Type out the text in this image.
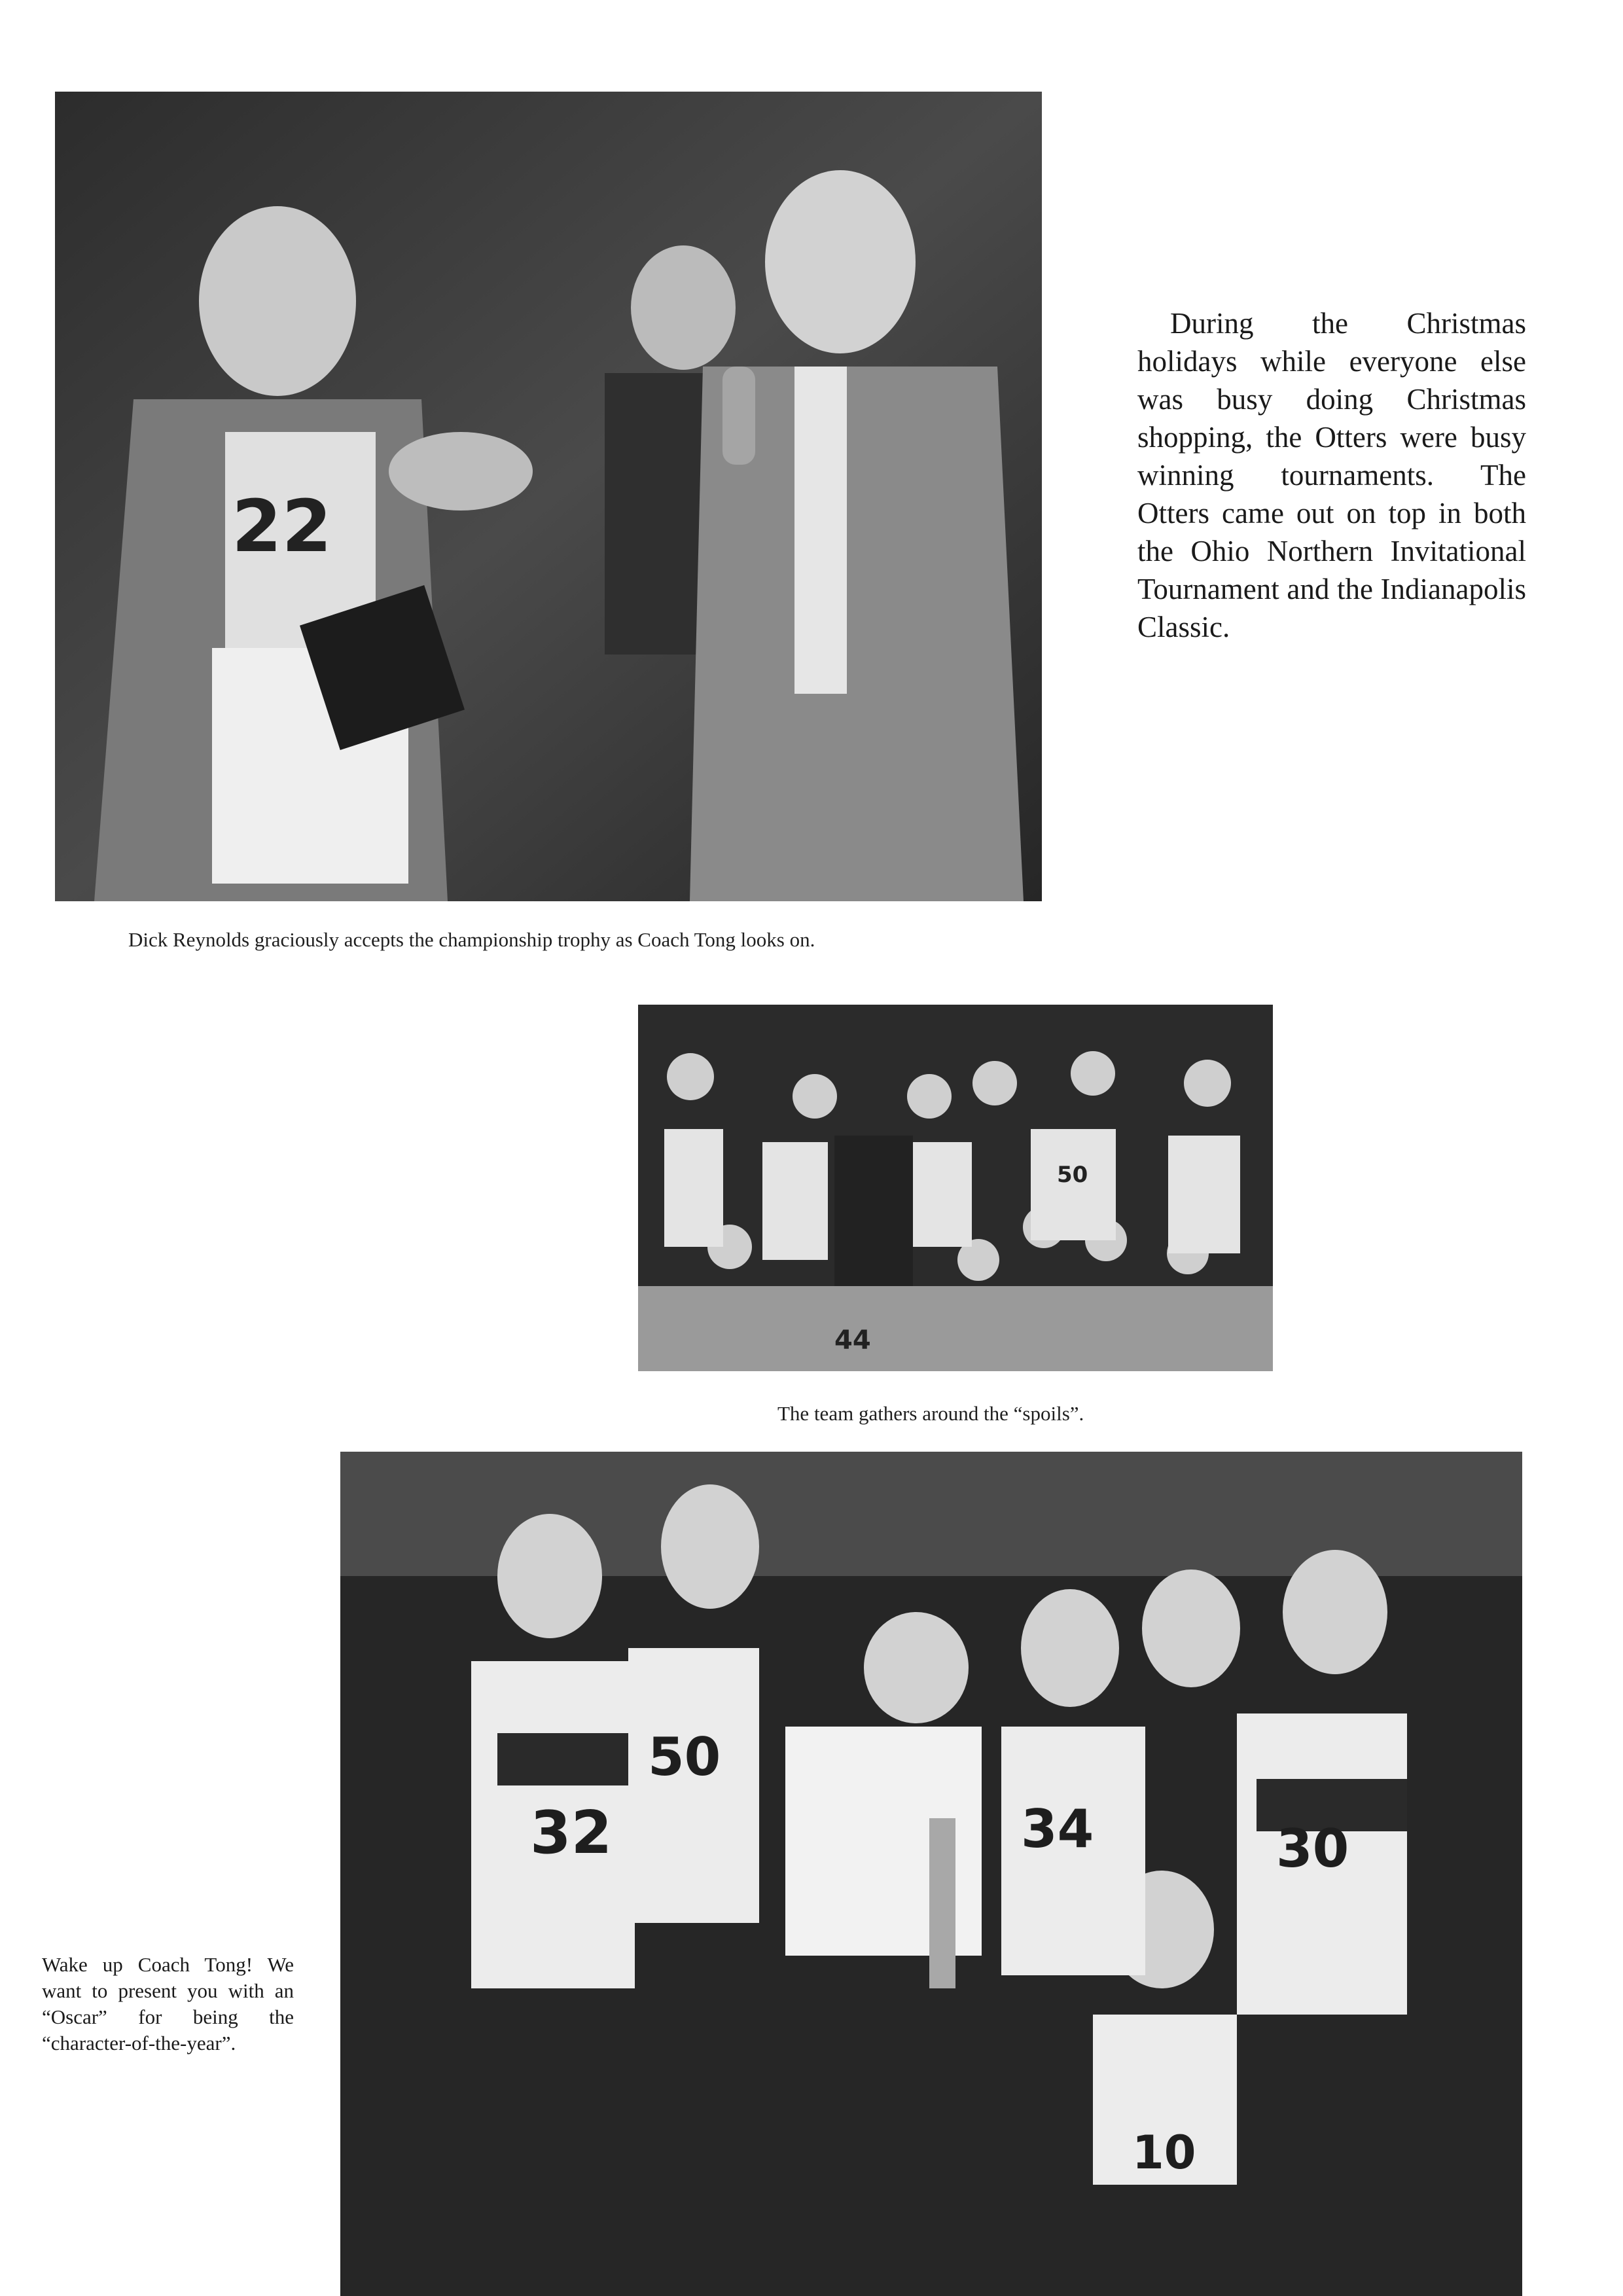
22

Dick Reynolds graciously accepts the championship trophy as Coach Tong looks on.

During the Christmas holidays while everyone else was busy doing Christmas shopping, the Otters were busy winning tournaments. The Otters came out on top in both the Ohio Northern Invitational Tournament and the Indianapolis Classic.

50
44

The team gathers around the “spoils”.

32
50
34	30
10

Wake up Coach Tong! We want to present you with an “Oscar” for being the “character-of-the-year”.
